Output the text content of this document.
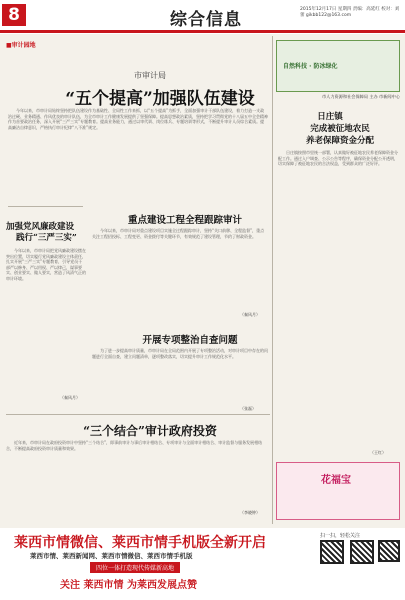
8	综合信息
2015年12月17日 星期四 责编：高延红 校对：刘蕾 gikbb122@163.com
■审计园地
市审计局
“五个提高”加强队伍建设

今年以来，市审计局始终坚持把队伍建设作为基础性、全局性工作来抓，以“五个提高”为抓手，全面加强审计干部队伍建设，着力打造一支政治过硬、业务精通、作风优良的审计队伍，为全市审计工作健康发展提供了坚强保障。提高思想政治素质，坚持把学习贯彻党的十八届五中全会精神作为首要政治任务，深入开展“三严三实”专题教育。提高业务能力，通过以审代训、岗位练兵、专题培训等形式，不断提升审计人员综合素质。提高廉洁自律意识，严格执行审计纪律“八不准”规定。

加强党风廉政建设
践行“三严三实”

今年以来，市审计局把党风廉政建设摆在突出位置，切实履行党风廉政建设主体责任，扎实开展“三严三实”专题教育，引导党员干部严以修身、严以用权、严以律己，谋事要实、创业要实、做人要实，营造了风清气正的审计环境。

（秦风月）
重点建设工程全程跟踪审计

今年以来，市审计局对重点建设项目实施全过程跟踪审计，坚持“关口前移、全程监督”，重点关注工程招投标、工程变更、资金拨付等关键环节，有效规范了建设管理，节约了财政资金。

（秦风月）
开展专项整治自查问题

为了进一步提高审计质量，市审计局在全局范围内开展了专项整治活动，对审计项目中存在的问题进行全面自查，建立问题清单，逐项整改落实，切实提升审计工作规范化水平。

（张磊）
“三个结合”审计政府投资

近年来，市审计局在政府投资审计中坚持“三个结合”，即事前审计与事后审计相结合、专项审计与全面审计相结合、审计监督与服务发展相结合，不断提高政府投资审计质量和效果。

（李晓钟）
自然科技 · 防冰绿化
市人力资源和社会保障局 主办 市新闻中心
日庄镇
完成被征地农民
养老保障资金分配

日庄镇按照市里统一部署，认真做好被征地农民养老保障资金分配工作。通过入户调查、公示公告等程序，确保资金分配公开透明，切实保障了被征地农民的合法权益，受到群众的广泛好评。

（王红）
花福宝
莱西市情微信、莱西市情手机版全新开启
莱西市情、莱西新闻网、莱西市情微信、莱西市情手机版
四位一体打造现代传媒新高地
关注 莱西市情 为莱西发展点赞
扫一扫，轻松关注
